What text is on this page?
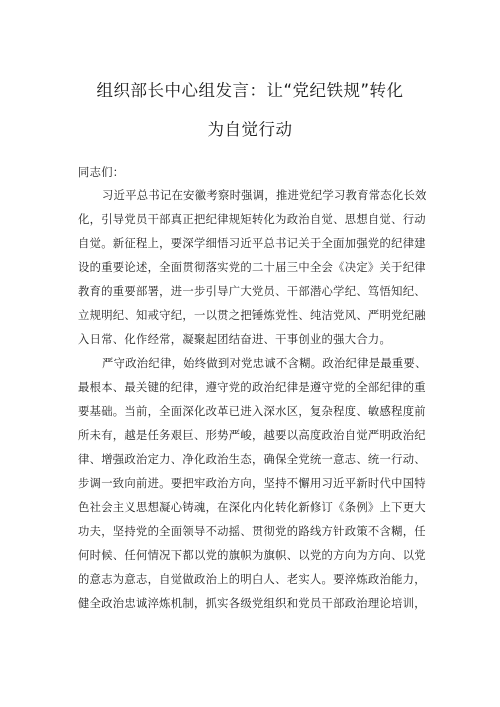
组织部长中心组发言：让“党纪铁规”转化
为自觉行动
同志们：
习近平总书记在安徽考察时强调，推进党纪学习教育常态化长效
化，引导党员干部真正把纪律规矩转化为政治自觉、思想自觉、行动
自觉。新征程上，要深学细悟习近平总书记关于全面加强党的纪律建
设的重要论述，全面贯彻落实党的二十届三中全会《决定》关于纪律
教育的重要部署，进一步引导广大党员、干部潜心学纪、笃悟知纪、
立规明纪、知戒守纪，一以贯之把锤炼党性、纯洁党风、严明党纪融
入日常、化作经常，凝聚起团结奋进、干事创业的强大合力。
严守政治纪律，始终做到对党忠诚不含糊。政治纪律是最重要、
最根本、最关键的纪律，遵守党的政治纪律是遵守党的全部纪律的重
要基础。当前，全面深化改革已进入深水区，复杂程度、敏感程度前
所未有，越是任务艰巨、形势严峻，越要以高度政治自觉严明政治纪
律、增强政治定力、净化政治生态，确保全党统一意志、统一行动、
步调一致向前进。要把牢政治方向，坚持不懈用习近平新时代中国特
色社会主义思想凝心铸魂，在深化内化转化新修订《条例》上下更大
功夫，坚持党的全面领导不动摇、贯彻党的路线方针政策不含糊，任
何时候、任何情况下都以党的旗帜为旗帜、以党的方向为方向、以党
的意志为意志，自觉做政治上的明白人、老实人。要淬炼政治能力，
健全政治忠诚淬炼机制，抓实各级党组织和党员干部政治理论培训，
